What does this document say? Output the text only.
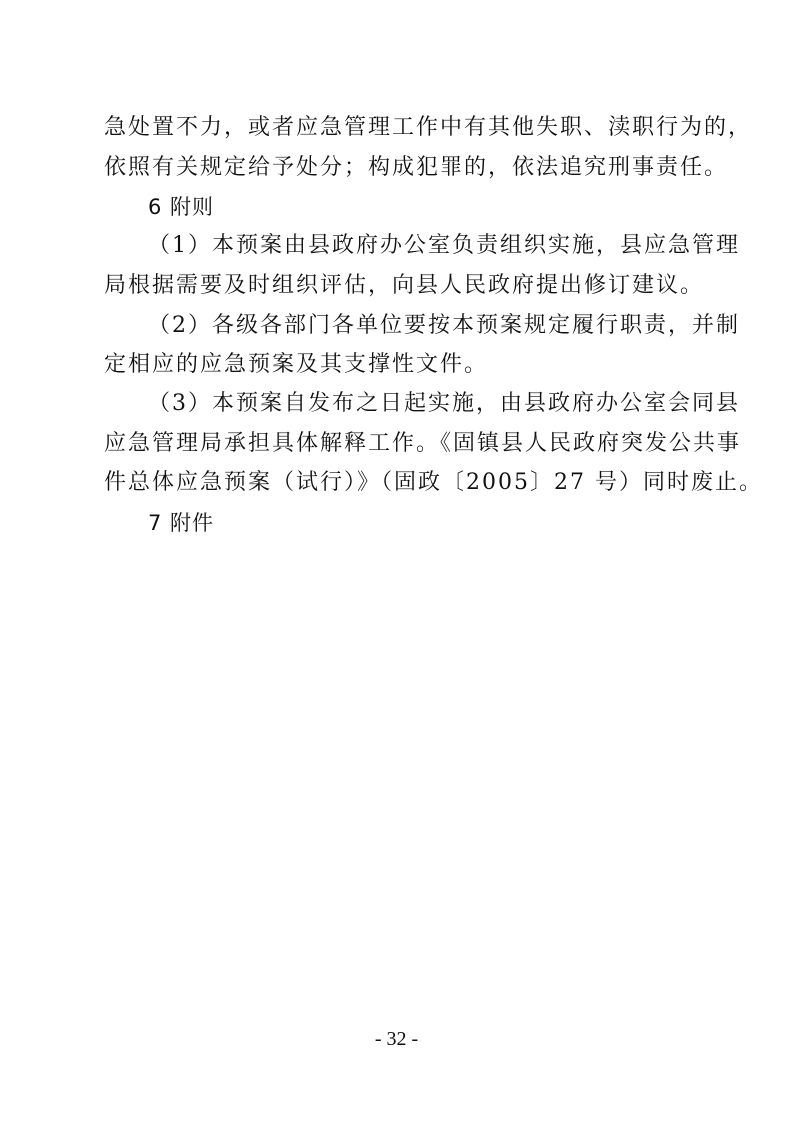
急处置不力，或者应急管理工作中有其他失职、渎职行为的，
依照有关规定给予处分；构成犯罪的，依法追究刑事责任。
6 附则
（1）本预案由县政府办公室负责组织实施，县应急管理
局根据需要及时组织评估，向县人民政府提出修订建议。
（2）各级各部门各单位要按本预案规定履行职责，并制
定相应的应急预案及其支撑性文件。
（3）本预案自发布之日起实施，由县政府办公室会同县
应急管理局承担具体解释工作。《固镇县人民政府突发公共事
件总体应急预案（试行）》（固政〔2005〕27 号）同时废止。
7 附件
- 32 -
